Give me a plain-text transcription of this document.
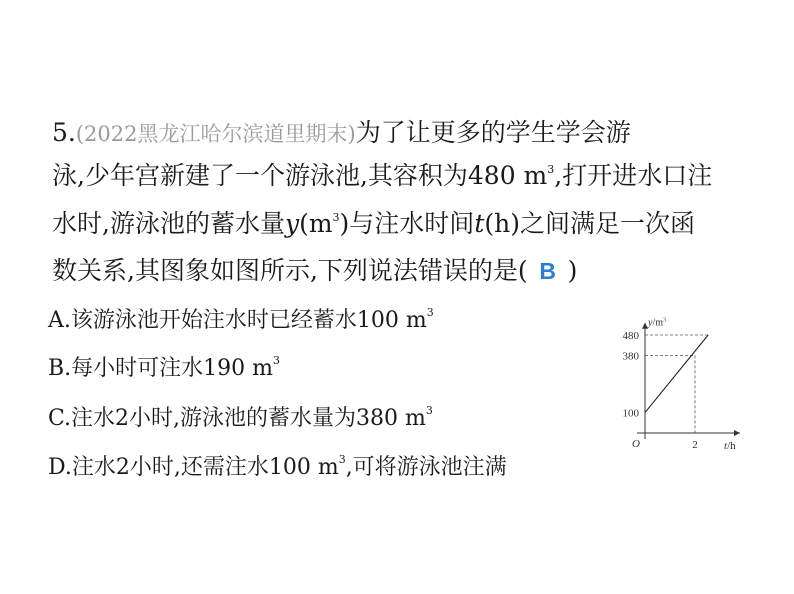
5.(2022黑龙江哈尔滨道里期末)为了让更多的学生学会游
泳,少年宫新建了一个游泳池,其容积为480 $m^3$,打开进水口注
水时,游泳池的蓄水量$y(m^3)$与注水时间t(h)之间满足一次函
数关系,其图象如图所示,下列说法错误的是( B )
A.该游泳池开始注水时已经蓄水100 $m^3$
B.每小时可注水190 $m^3$
C.注水2小时,游泳池的蓄水量为380 $m^3$
D.注水2小时,还需注水100 $m^3$,可将游泳池注满
$y/m^3$
t/h
O
100
380
480
2
